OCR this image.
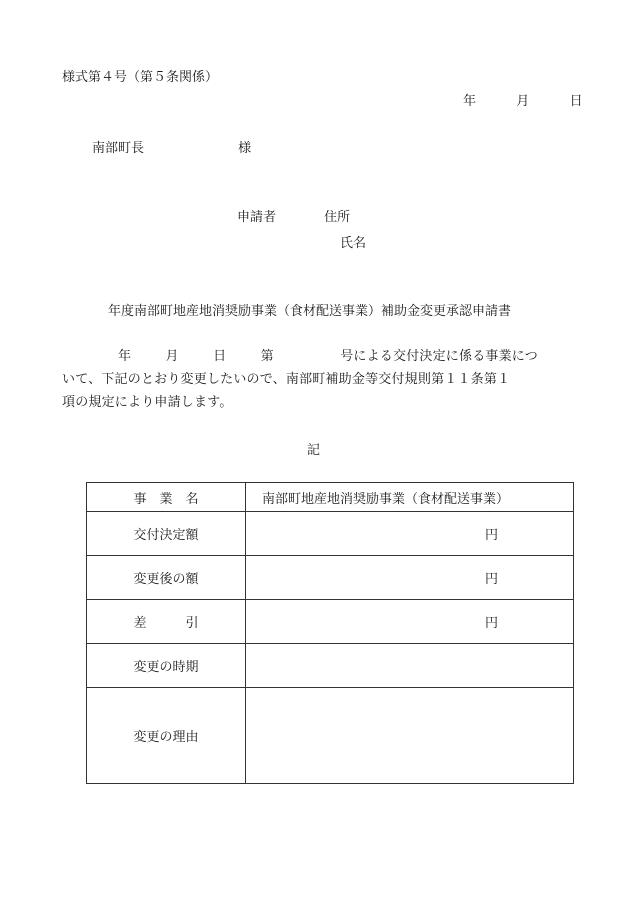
様式第４号（第５条関係）
年	月	日
南部町長	様
申請者	住所
氏名
年度南部町地産地消奨励事業（食材配送事業）補助金変更承認申請書
年	月	日	第	号による交付決定に係る事業につ
いて、下記のとおり変更したいので、南部町補助金等交付規則第１１条第１
項の規定により申請します。
記
事　業　名	南部町地産地消奨励事業（食材配送事業）
交付決定額	円
変更後の額	円
差　　　引	円
変更の時期	
変更の理由	
